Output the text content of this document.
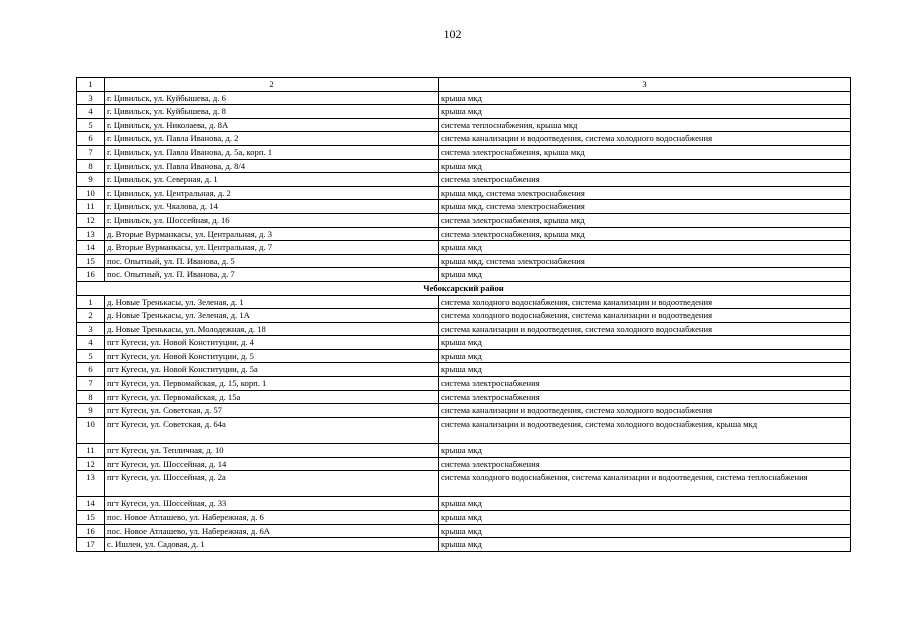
102
1	2	3
3	г. Цивильск, ул. Куйбышева, д. 6	крыша мкд
4	г. Цивильск, ул. Куйбышева, д. 8	крыша мкд
5	г. Цивильск, ул. Николаева, д. 8А	система теплоснабжения, крыша мкд
6	г. Цивильск, ул. Павла Иванова, д. 2	система канализации и водоотведения, система холодного водоснабжения
7	г. Цивильск, ул. Павла Иванова, д. 5а, корп. 1	система электроснабжения, крыша мкд
8	г. Цивильск, ул. Павла Иванова, д. 8/4	крыша мкд
9	г. Цивильск, ул. Северная, д. 1	система электроснабжения
10	г. Цивильск, ул. Центральная, д. 2	крыша мкд, система электроснабжения
11	г. Цивильск, ул. Чкалова, д. 14	крыша мкд, система электроснабжения
12	г. Цивильск, ул. Шоссейная, д. 16	система электроснабжения, крыша мкд
13	д. Вторые Вурманкасы, ул. Центральная, д. 3	система электроснабжения, крыша мкд
14	д. Вторые Вурманкасы, ул. Центральная, д. 7	крыша мкд
15	пос. Опытный, ул. П. Иванова, д. 5	крыша мкд, система электроснабжения
16	пос. Опытный, ул. П. Иванова, д. 7	крыша мкд
Чебоксарский район		
1	д. Новые Тренькасы, ул. Зеленая, д. 1	система холодного водоснабжения, система канализации и водоотведения
2	д. Новые Тренькасы, ул. Зеленая, д. 1А	система холодного водоснабжения, система канализации и водоотведения
3	д. Новые Тренькасы, ул. Молодежная, д. 18	система канализации и водоотведения, система холодного водоснабжения
4	пгт Кугеси, ул. Новой Конституции, д. 4	крыша мкд
5	пгт Кугеси, ул. Новой Конституции, д. 5	крыша мкд
6	пгт Кугеси, ул. Новой Конституции, д. 5а	крыша мкд
7	пгт Кугеси, ул. Первомайская, д. 15, корп. 1	система электроснабжения
8	пгт Кугеси, ул. Первомайская, д. 15а	система электроснабжения
9	пгт Кугеси, ул. Советская, д. 57	система канализации и водоотведения, система холодного водоснабжения
10	пгт Кугеси, ул. Советская, д. 64а	система канализации и водоотведения, система холодного водоснабжения, крыша мкд
11	пгт Кугеси, ул. Тепличная, д. 10	крыша мкд
12	пгт Кугеси, ул. Шоссейная, д. 14	система электроснабжения
13	пгт Кугеси, ул. Шоссейная, д. 2а	система холодного водоснабжения, система канализации и водоотведения, система теплоснабжения
14	пгт Кугеси, ул. Шоссейная, д. 33	крыша мкд
15	пос. Новое Атлашево, ул. Набережная, д. 6	крыша мкд
16	пос. Новое Атлашево, ул. Набережная, д. 6А	крыша мкд
17	с. Ишлеи, ул. Садовая, д. 1	крыша мкд
